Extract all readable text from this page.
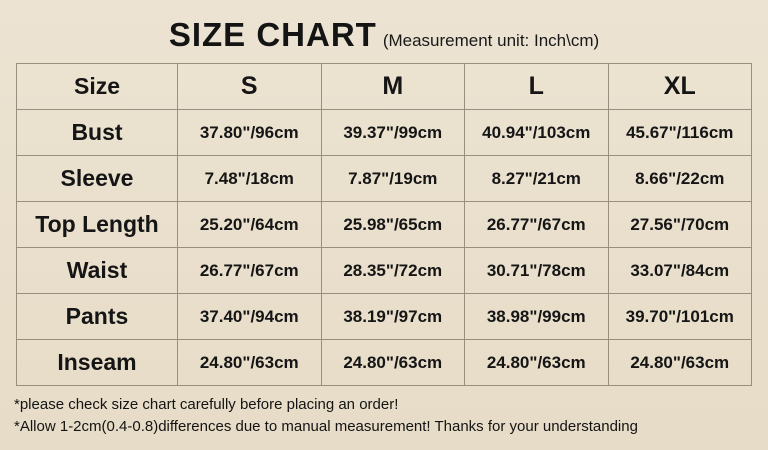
SIZE CHART (Measurement unit: Inch\cm)
Size	S	M	L	XL
Bust	37.80"/96cm	39.37"/99cm	40.94"/103cm	45.67"/116cm
Sleeve	7.48"/18cm	7.87"/19cm	8.27"/21cm	8.66"/22cm
Top Length	25.20"/64cm	25.98"/65cm	26.77"/67cm	27.56"/70cm
Waist	26.77"/67cm	28.35"/72cm	30.71"/78cm	33.07"/84cm
Pants	37.40"/94cm	38.19"/97cm	38.98"/99cm	39.70"/101cm
Inseam	24.80"/63cm	24.80"/63cm	24.80"/63cm	24.80"/63cm
*please check size chart carefully before placing an order!
*Allow 1-2cm(0.4-0.8)differences due to manual measurement! Thanks for your understanding
